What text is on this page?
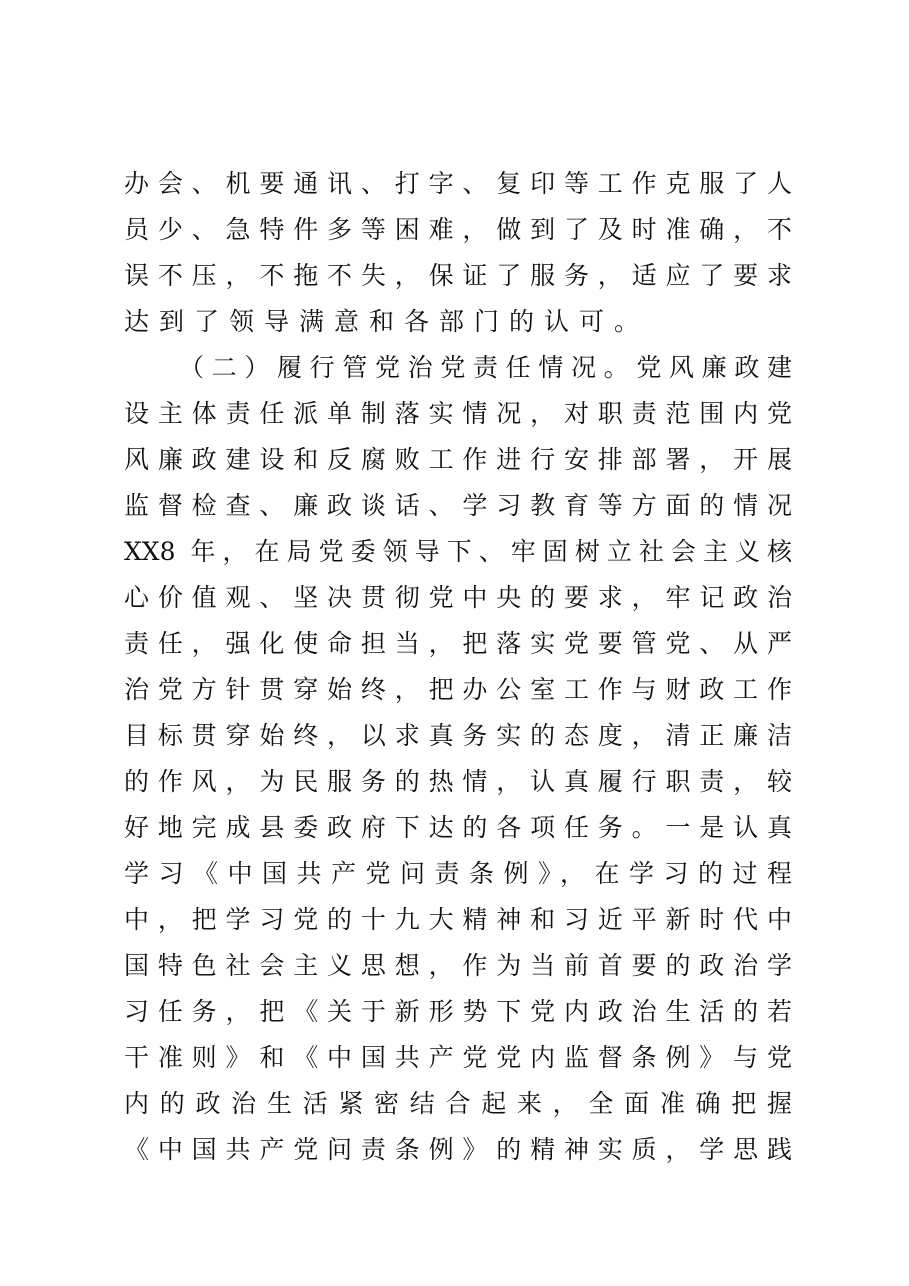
办会、机要通讯、打字、复印等工作克服了人
员少、急特件多等困难，做到了及时准确，不
误不压，不拖不失，保证了服务，适应了要求
达到了领导满意和各部门的认可。
（二）履行管党治党责任情况。党风廉政建
设主体责任派单制落实情况，对职责范围内党
风廉政建设和反腐败工作进行安排部署，开展
监督检查、廉政谈话、学习教育等方面的情况
XX8 年，在局党委领导下、牢固树立社会主义核
心价值观、坚决贯彻党中央的要求，牢记政治
责任，强化使命担当，把落实党要管党、从严
治党方针贯穿始终，把办公室工作与财政工作
目标贯穿始终，以求真务实的态度，清正廉洁
的作风，为民服务的热情，认真履行职责，较
好地完成县委政府下达的各项任务。一是认真
学习《中国共产党问责条例》，在学习的过程
中，把学习党的十九大精神和习近平新时代中
国特色社会主义思想，作为当前首要的政治学
习任务，把《关于新形势下党内政治生活的若
干准则》和《中国共产党党内监督条例》与党
内的政治生活紧密结合起来，全面准确把握
《中国共产党问责条例》的精神实质，学思践
